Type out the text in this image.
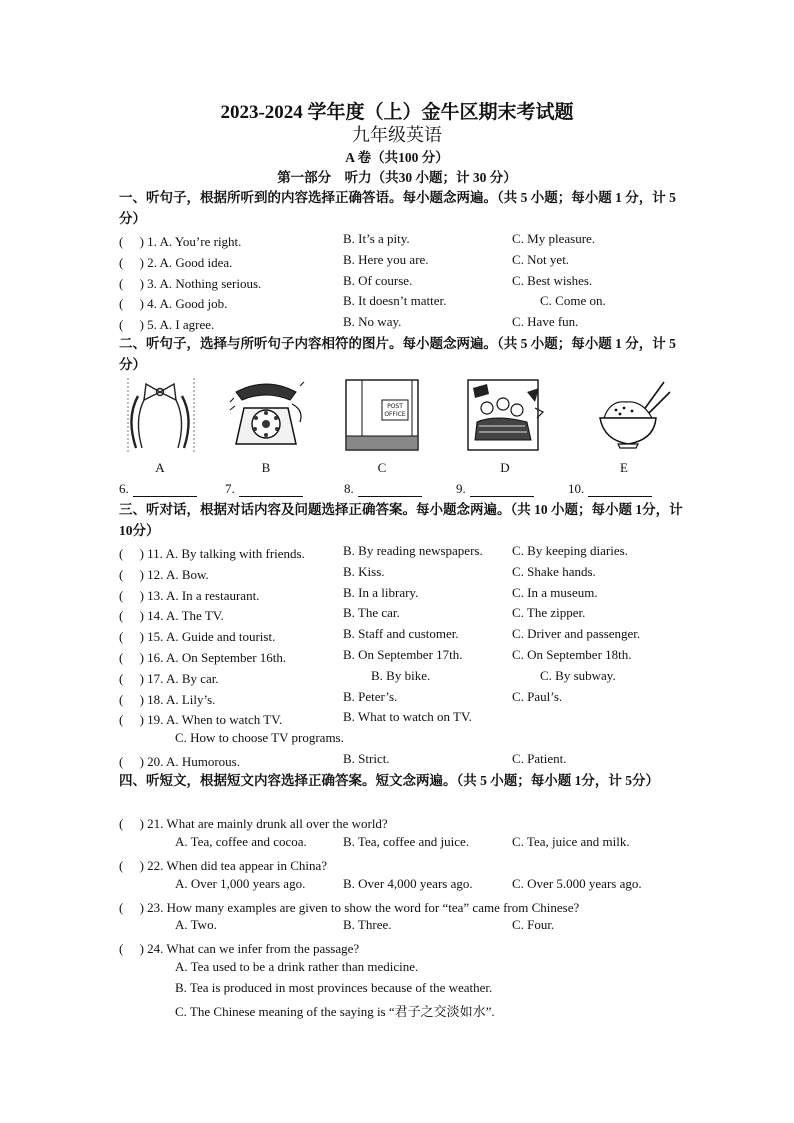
2023-2024 学年度（上）金牛区期末考试题
九年级英语
A 卷（共100 分）
第一部分　听力（共30 小题；计 30 分）
一、听句子，根据所听到的内容选择正确答语。每小题念两遍。（共 5 小题；每小题 1 分，计 5分）
(　 ) 1. A. You’re right.	B. It’s a pity.	C. My pleasure.
(　 ) 2. A. Good idea.	B. Here you are.	C. Not yet.
(　 ) 3. A. Nothing serious.	B. Of course.	C. Best wishes.
(　 ) 4. A. Good job.	B. It doesn’t matter.	C. Come on.
(　 ) 5. A. I agree.	B. No way.	C. Have fun.
二、听句子，选择与所听句子内容相符的图片。每小题念两遍。（共 5 小题；每小题 1 分，计 5分）
POST
OFFICE
A	B	C	D	E
6.	7.	8.	9.	10.
三、听对话，根据对话内容及问题选择正确答案。每小题念两遍。（共 10 小题；每小题 1分，计 10分）
(　 ) 11. A. By talking with friends.	B. By reading newspapers. C. By keeping diaries.
(　 ) 12. A. Bow.	B. Kiss.	C. Shake hands.
(　 ) 13. A. In a restaurant.	B. In a library.	C. In a museum.
(　 ) 14. A. The TV.	B. The car.	C. The zipper.
(　 ) 15. A. Guide and tourist.	B. Staff and customer.	C. Driver and passenger.
(　 ) 16. A. On September 16th.	B. On September 17th.	C. On September 18th.
(　 ) 17. A. By car.	B. By bike.	C. By subway.
(　 ) 18. A. Lily’s.	B. Peter’s.	C. Paul’s.
(　 ) 19. A. When to watch TV.	B. What to watch on TV.
C. How to choose TV programs.
(　 ) 20. A. Humorous.	B. Strict.	C. Patient.
四、听短文，根据短文内容选择正确答案。短文念两遍。（共 5 小题；每小题 1分，计 5分）
(　 ) 21. What are mainly drunk all over the world?
A. Tea, coffee and cocoa.	B. Tea, coffee and juice.	C. Tea, juice and milk.
(　 ) 22. When did tea appear in China?
A. Over 1,000 years ago.	B. Over 4,000 years ago.	C. Over 5.000 years ago.
(　 ) 23. How many examples are given to show the word for “tea” came from Chinese?
A. Two.	B. Three.	C. Four.
(　 ) 24. What can we infer from the passage?
A. Tea used to be a drink rather than medicine.
B. Tea is produced in most provinces because of the weather.
C. The Chinese meaning of the saying is “君子之交淡如水”.
